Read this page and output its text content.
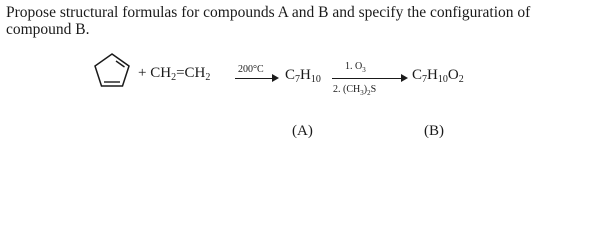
Propose structural formulas for compounds A and B and specify the configuration of compound B.
+ $CH_2=CH_2$
200°C $C_7H_{10}$
1. $O_3$
2. $(CH_3)_2S$
$C_7H_{10}O_2$
(A)	(B)
